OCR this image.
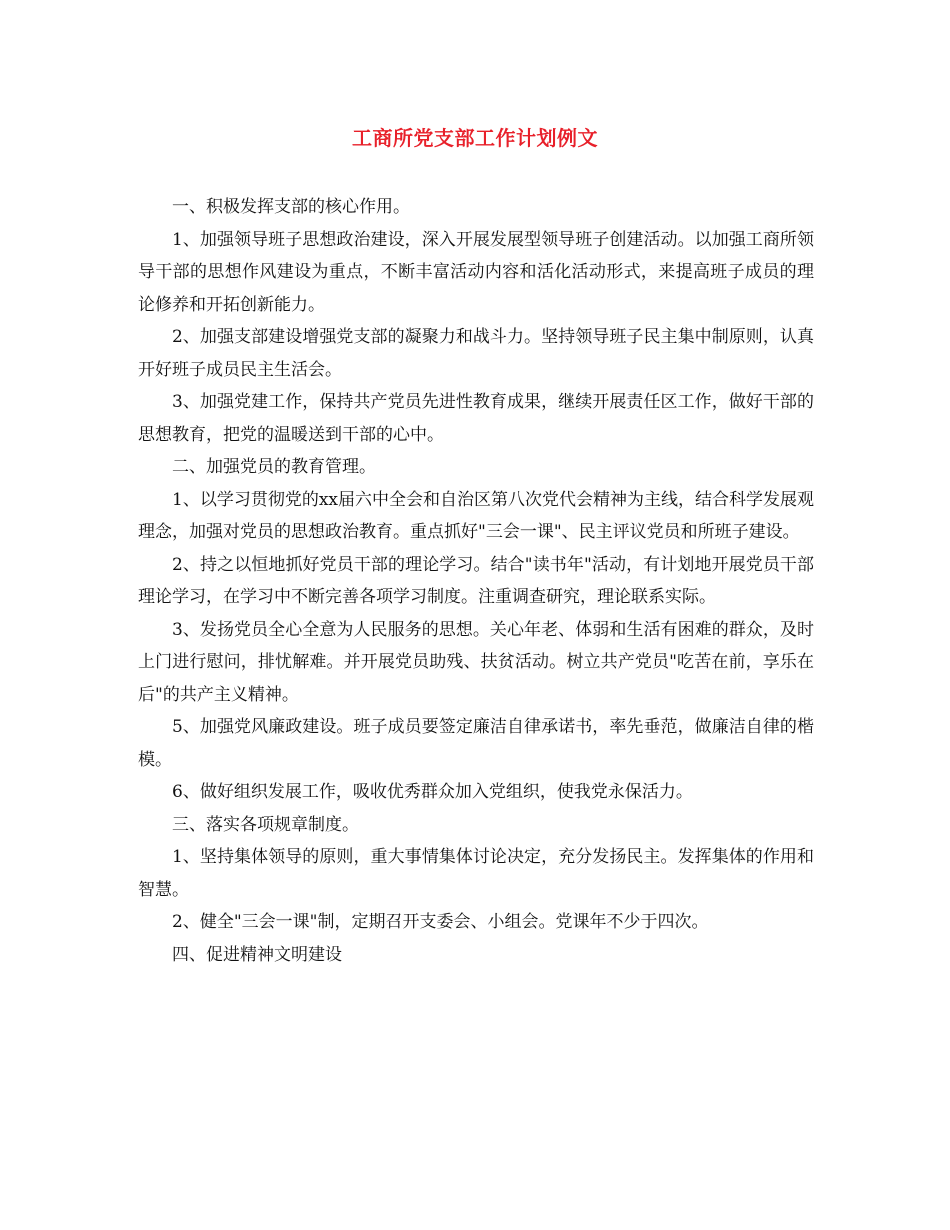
工商所党支部工作计划例文

一、积极发挥支部的核心作用。

1、加强领导班子思想政治建设，深入开展发展型领导班子创建活动。以加强工商所领导干部的思想作风建设为重点，不断丰富活动内容和活化活动形式，来提高班子成员的理论修养和开拓创新能力。

2、加强支部建设增强党支部的凝聚力和战斗力。坚持领导班子民主集中制原则，认真开好班子成员民主生活会。

3、加强党建工作，保持共产党员先进性教育成果，继续开展责任区工作，做好干部的思想教育，把党的温暖送到干部的心中。

二、加强党员的教育管理。

1、以学习贯彻党的xx届六中全会和自治区第八次党代会精神为主线，结合科学发展观理念，加强对党员的思想政治教育。重点抓好"三会一课"、民主评议党员和所班子建设。

2、持之以恒地抓好党员干部的理论学习。结合"读书年"活动，有计划地开展党员干部理论学习，在学习中不断完善各项学习制度。注重调查研究，理论联系实际。

3、发扬党员全心全意为人民服务的思想。关心年老、体弱和生活有困难的群众，及时上门进行慰问，排忧解难。并开展党员助残、扶贫活动。树立共产党员"吃苦在前，享乐在后"的共产主义精神。

5、加强党风廉政建设。班子成员要签定廉洁自律承诺书，率先垂范，做廉洁自律的楷模。

6、做好组织发展工作，吸收优秀群众加入党组织，使我党永保活力。

三、落实各项规章制度。

1、坚持集体领导的原则，重大事情集体讨论决定，充分发扬民主。发挥集体的作用和智慧。

2、健全"三会一课"制，定期召开支委会、小组会。党课年不少于四次。

四、促进精神文明建设
